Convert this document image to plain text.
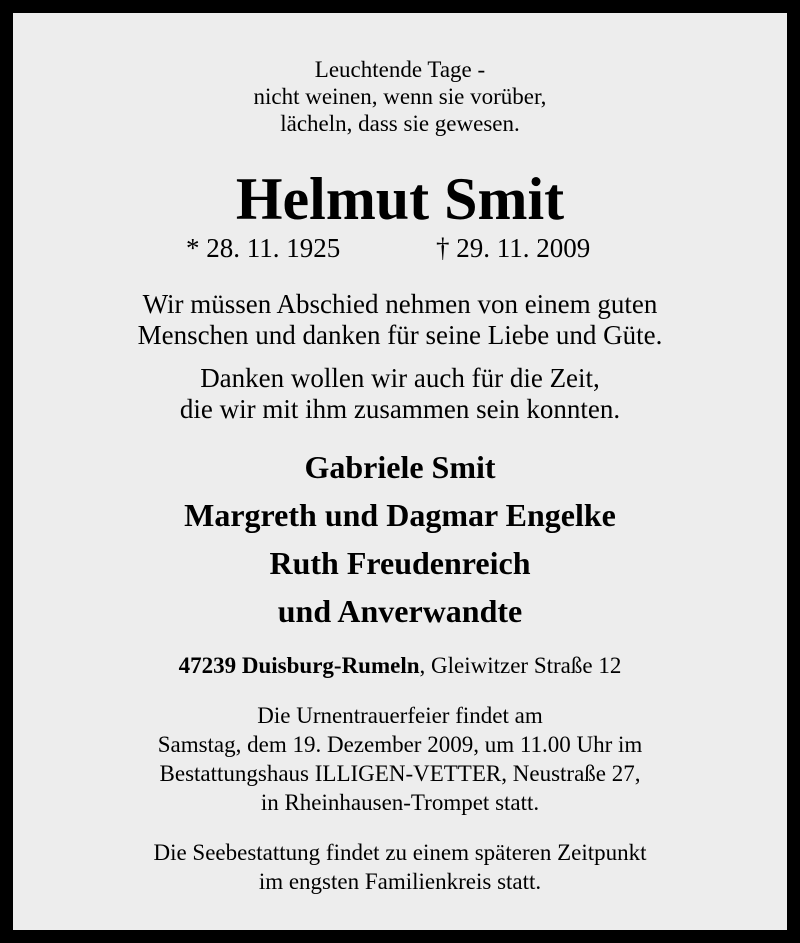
Leuchtende Tage -
nicht weinen, wenn sie vorüber,
lächeln, dass sie gewesen.
Helmut Smit
* 28. 11. 1925	† 29. 11. 2009
Wir müssen Abschied nehmen von einem guten
Menschen und danken für seine Liebe und Güte.
Danken wollen wir auch für die Zeit,
die wir mit ihm zusammen sein konnten.
Gabriele Smit
Margreth und Dagmar Engelke
Ruth Freudenreich
und Anverwandte
47239 Duisburg-Rumeln, Gleiwitzer Straße 12
Die Urnentrauerfeier findet am
Samstag, dem 19. Dezember 2009, um 11.00 Uhr im
Bestattungshaus ILLIGEN-VETTER, Neustraße 27,
in Rheinhausen-Trompet statt.
Die Seebestattung findet zu einem späteren Zeitpunkt
im engsten Familienkreis statt.
